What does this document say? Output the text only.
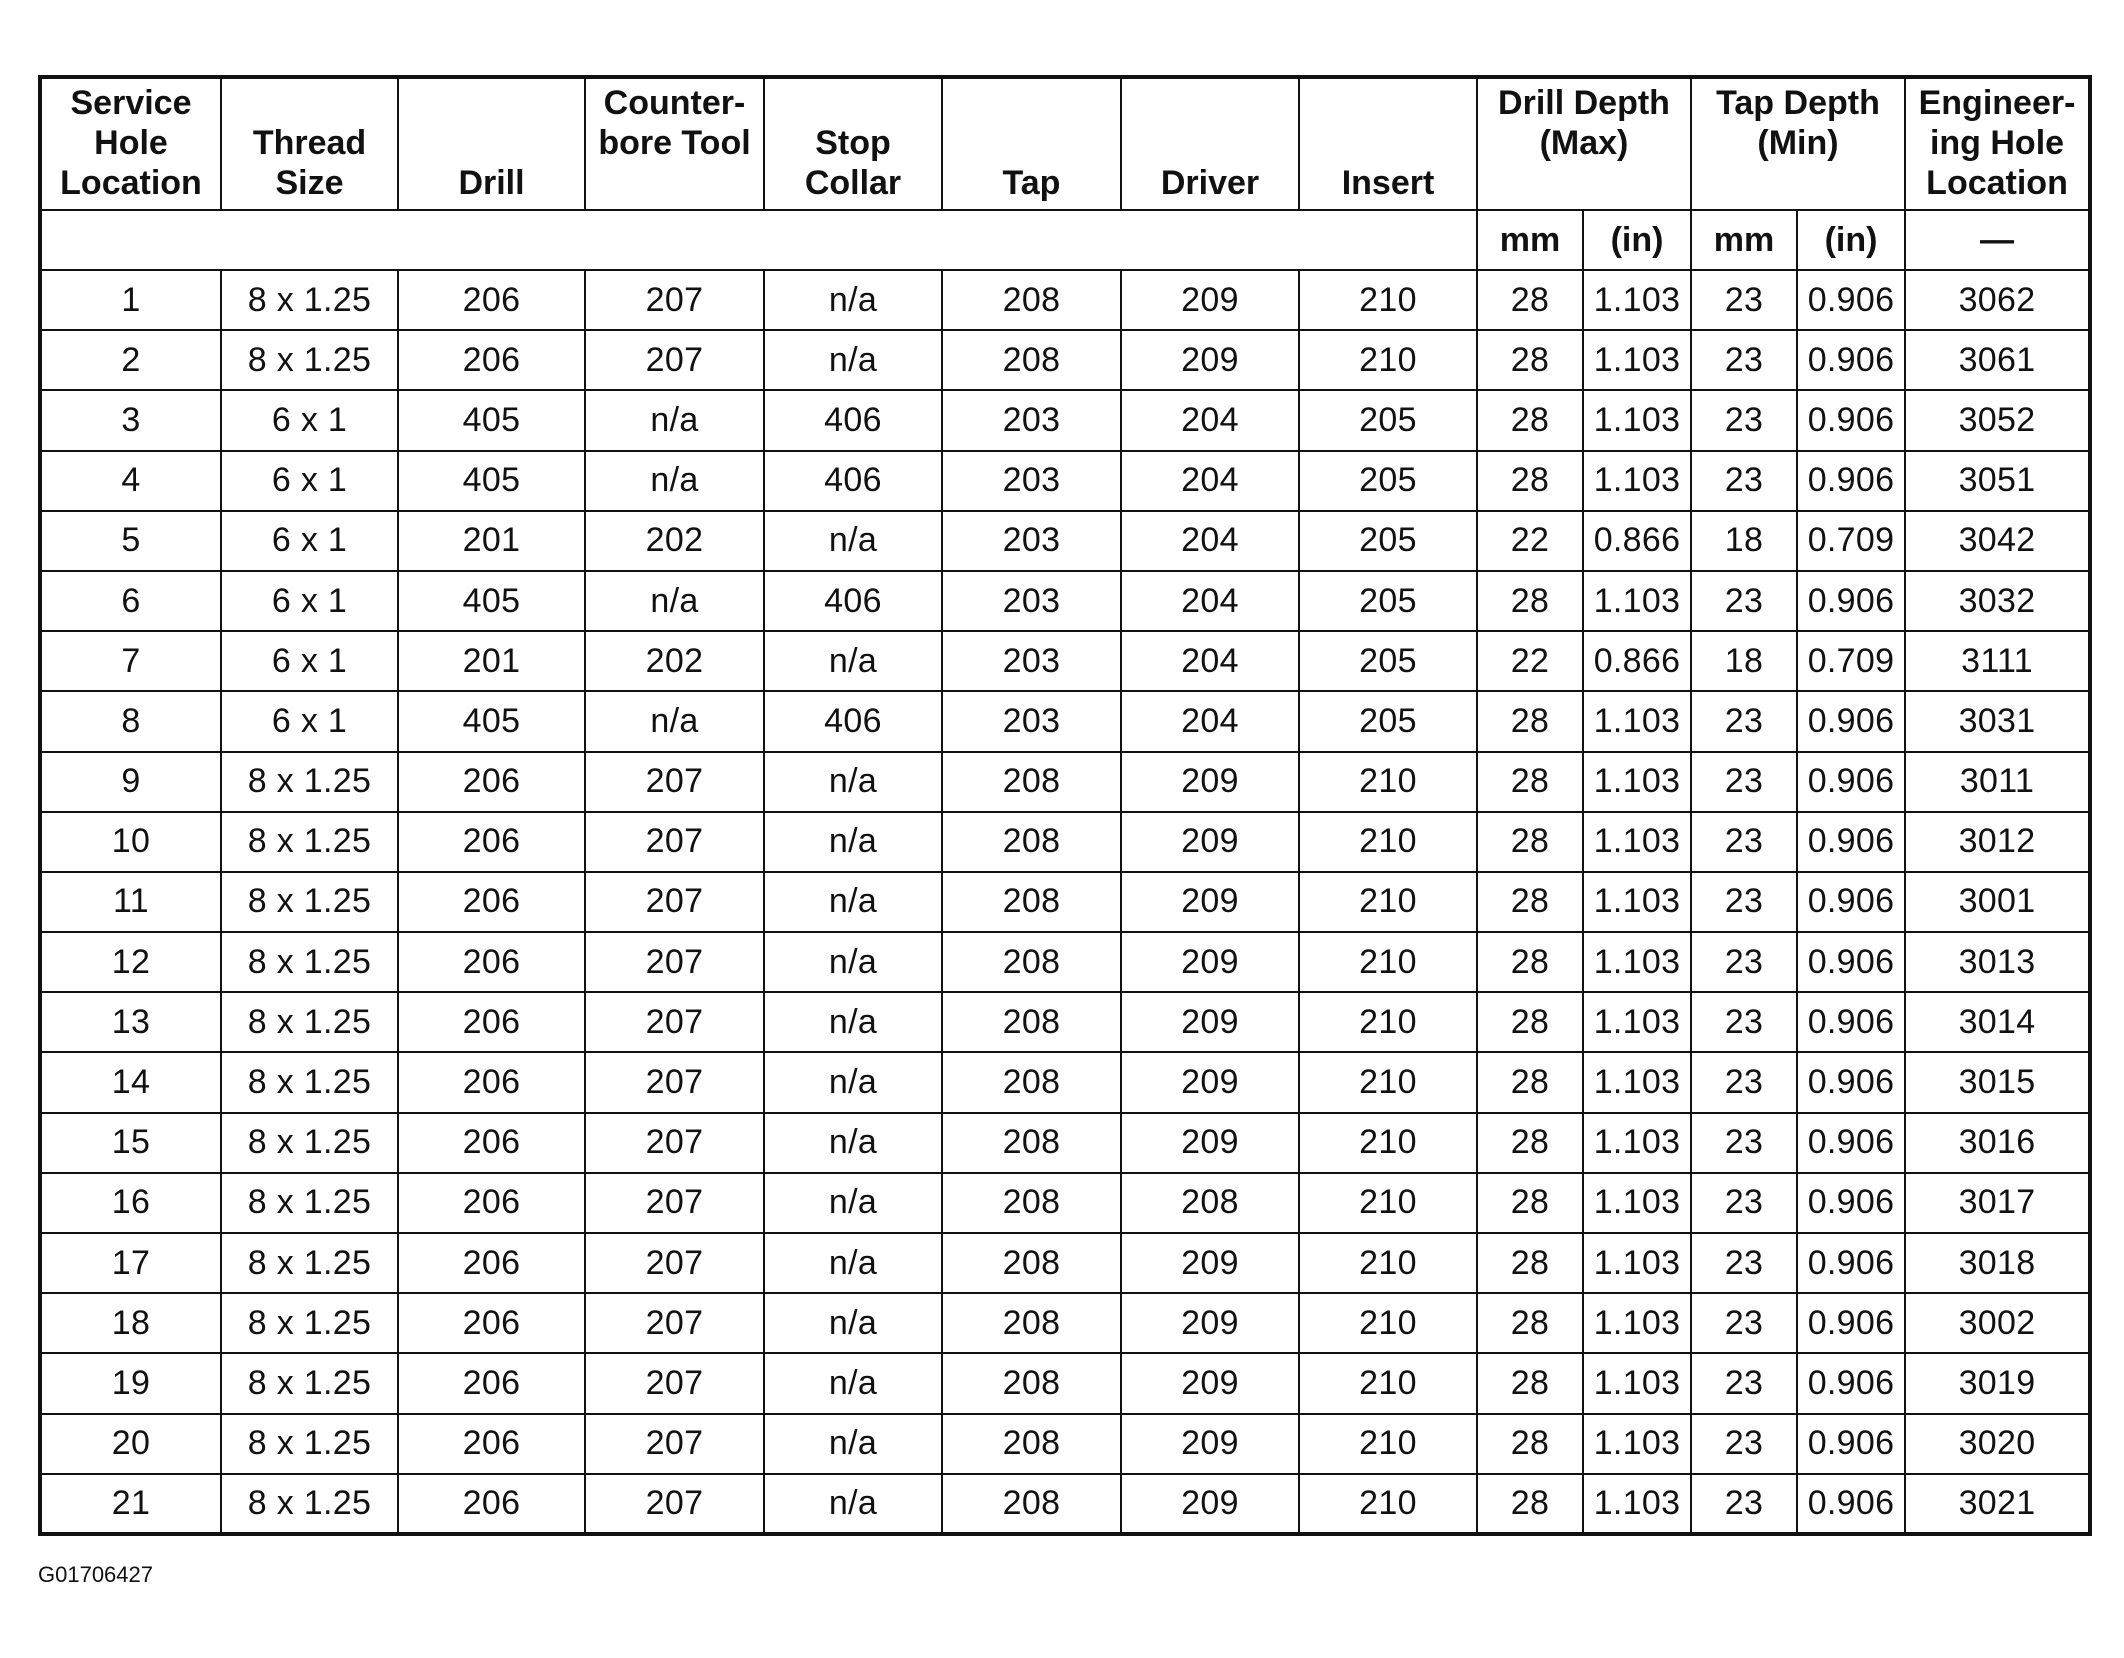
Service Hole Location	Thread Size	Drill	Counter- bore Tool	Stop Collar	Tap	Driver	Insert	Drill Depth (Max)		Tap Depth (Min)		Engineer- ing Hole Location
								mm	(in)	mm	(in)	—
1	8 x 1.25	206	207	n/a	208	209	210	28	1.103	23	0.906	3062
2	8 x 1.25	206	207	n/a	208	209	210	28	1.103	23	0.906	3061
3	6 x 1	405	n/a	406	203	204	205	28	1.103	23	0.906	3052
4	6 x 1	405	n/a	406	203	204	205	28	1.103	23	0.906	3051
5	6 x 1	201	202	n/a	203	204	205	22	0.866	18	0.709	3042
6	6 x 1	405	n/a	406	203	204	205	28	1.103	23	0.906	3032
7	6 x 1	201	202	n/a	203	204	205	22	0.866	18	0.709	3111
8	6 x 1	405	n/a	406	203	204	205	28	1.103	23	0.906	3031
9	8 x 1.25	206	207	n/a	208	209	210	28	1.103	23	0.906	3011
10	8 x 1.25	206	207	n/a	208	209	210	28	1.103	23	0.906	3012
11	8 x 1.25	206	207	n/a	208	209	210	28	1.103	23	0.906	3001
12	8 x 1.25	206	207	n/a	208	209	210	28	1.103	23	0.906	3013
13	8 x 1.25	206	207	n/a	208	209	210	28	1.103	23	0.906	3014
14	8 x 1.25	206	207	n/a	208	209	210	28	1.103	23	0.906	3015
15	8 x 1.25	206	207	n/a	208	209	210	28	1.103	23	0.906	3016
16	8 x 1.25	206	207	n/a	208	208	210	28	1.103	23	0.906	3017
17	8 x 1.25	206	207	n/a	208	209	210	28	1.103	23	0.906	3018
18	8 x 1.25	206	207	n/a	208	209	210	28	1.103	23	0.906	3002
19	8 x 1.25	206	207	n/a	208	209	210	28	1.103	23	0.906	3019
20	8 x 1.25	206	207	n/a	208	209	210	28	1.103	23	0.906	3020
21	8 x 1.25	206	207	n/a	208	209	210	28	1.103	23	0.906	3021
G01706427
